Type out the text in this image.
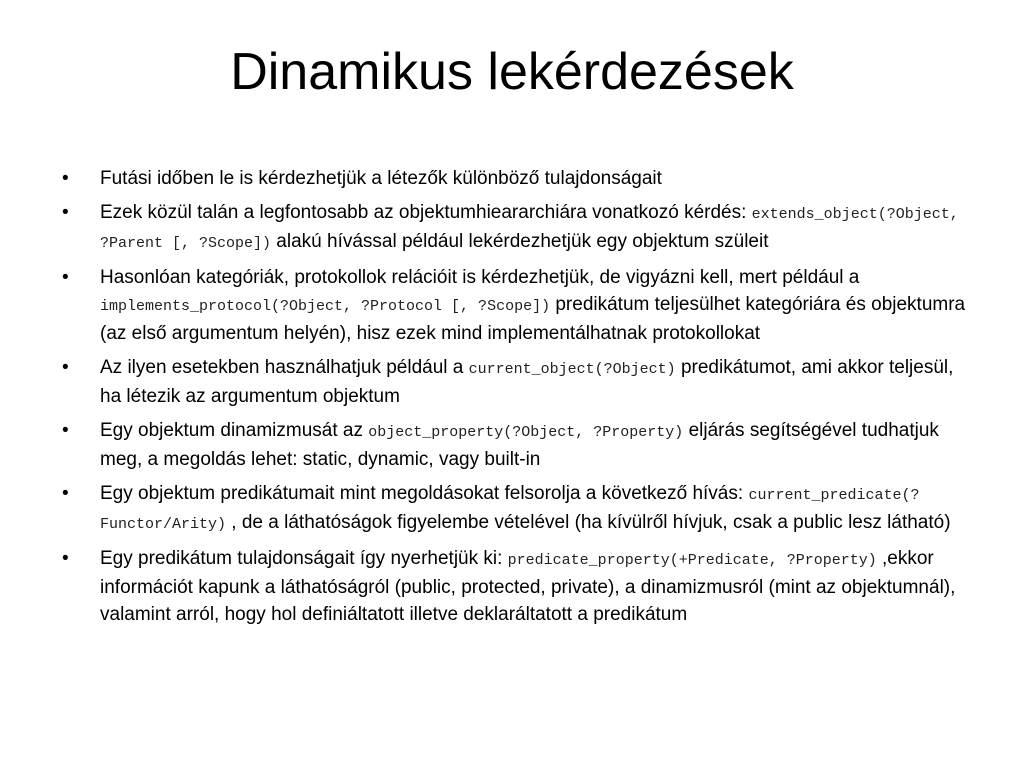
Dinamikus lekérdezések
•	Futási időben le is kérdezhetjük a létezők különböző tulajdonságait
•	Ezek közül talán a legfontosabb az objektumhieararchiára vonatkozó kérdés: extends_object(?Object, ?Parent [, ?Scope]) alakú hívással például lekérdezhetjük egy objektum szüleit
•	Hasonlóan kategóriák, protokollok relációit is kérdezhetjük, de vigyázni kell, mert például a implements_protocol(?Object, ?Protocol [, ?Scope]) predikátum teljesülhet kategóriára és objektumra (az első argumentum helyén), hisz ezek mind implementálhatnak protokollokat
•	Az ilyen esetekben használhatjuk például a current_object(?Object) predikátumot, ami akkor teljesül, ha létezik az argumentum objektum
•	Egy objektum dinamizmusát az object_property(?Object, ?Property) eljárás segítségével tudhatjuk meg, a megoldás lehet: static, dynamic, vagy built-in
•	Egy objektum predikátumait mint megoldásokat felsorolja a következő hívás: current_predicate(?Functor/Arity) , de a láthatóságok figyelembe vételével (ha kívülről hívjuk, csak a public lesz látható)
•	Egy predikátum tulajdonságait így nyerhetjük ki: predicate_property(+Predicate, ?Property) ,ekkor információt kapunk a láthatóságról (public, protected, private), a dinamizmusról (mint az objektumnál), valamint arról, hogy hol definiáltatott illetve deklaráltatott a predikátum
